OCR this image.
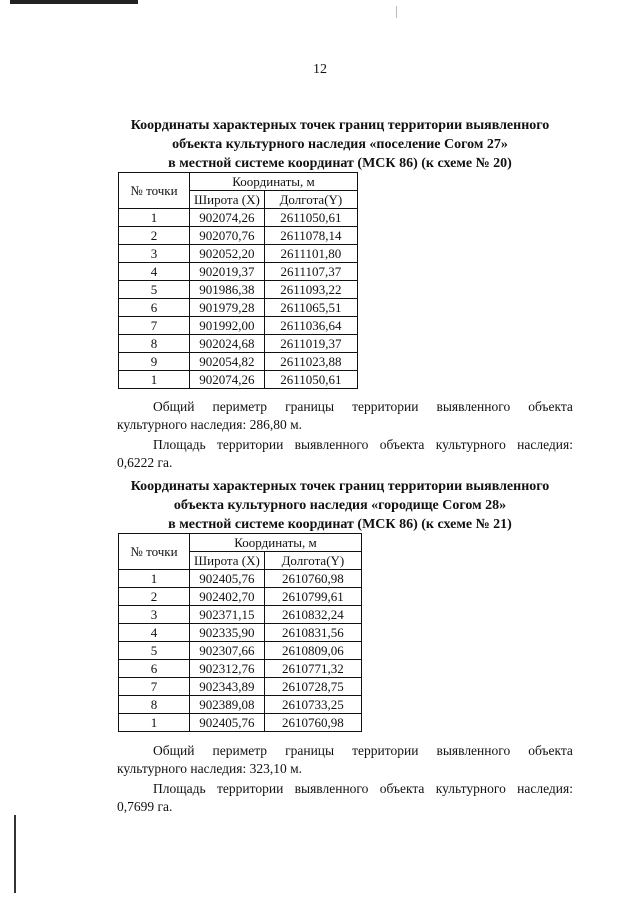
12
Координаты характерных точек границ территории выявленного
объекта культурного наследия «поселение Согом 27»
в местной системе координат (МСК 86) (к схеме № 20)
№ точки	Координаты, м	
	Широта (X)	Долгота(Y)
1	902074,26	2611050,61
2	902070,76	2611078,14
3	902052,20	2611101,80
4	902019,37	2611107,37
5	901986,38	2611093,22
6	901979,28	2611065,51
7	901992,00	2611036,64
8	902024,68	2611019,37
9	902054,82	2611023,88
1	902074,26	2611050,61
Общий периметр границы территории выявленного объекта
культурного наследия: 286,80 м.
Площадь территории выявленного объекта культурного наследия:
0,6222 га.
Координаты характерных точек границ территории выявленного
объекта культурного наследия «городище Согом 28»
в местной системе координат (МСК 86) (к схеме № 21)
№ точки	Координаты, м	
	Широта (X)	Долгота(Y)
1	902405,76	2610760,98
2	902402,70	2610799,61
3	902371,15	2610832,24
4	902335,90	2610831,56
5	902307,66	2610809,06
6	902312,76	2610771,32
7	902343,89	2610728,75
8	902389,08	2610733,25
1	902405,76	2610760,98
Общий периметр границы территории выявленного объекта
культурного наследия: 323,10 м.
Площадь территории выявленного объекта культурного наследия:
0,7699 га.
